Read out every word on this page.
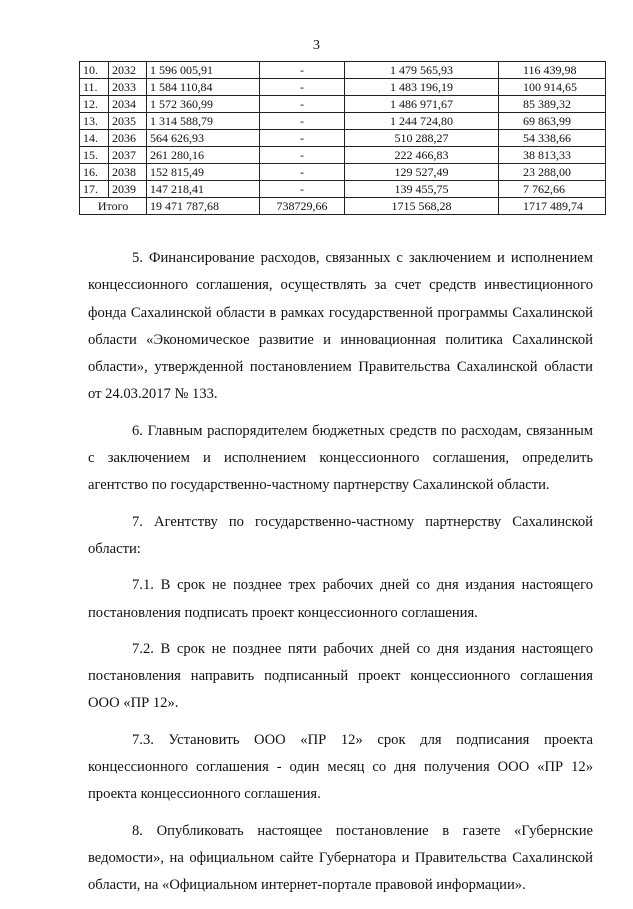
3
10.	2032	1 596 005,91	-	1 479 565,93	116 439,98
11.	2033	1 584 110,84	-	1 483 196,19	100 914,65
12.	2034	1 572 360,99	-	1 486 971,67	85 389,32
13.	2035	1 314 588,79	-	1 244 724,80	69 863,99
14.	2036	564 626,93	-	510 288,27	54 338,66
15.	2037	261 280,16	-	222 466,83	38 813,33
16.	2038	152 815,49	-	129 527,49	23 288,00
17.	2039	147 218,41	-	139 455,75	7 762,66
Итого		19 471 787,68	738729,66	1715 568,28	1717 489,74

5. Финансирование расходов, связанных с заключением и исполнением концессионного соглашения, осуществлять за счет средств инвестиционного фонда Сахалинской области в рамках государственной программы Сахалинской области «Экономическое развитие и инновационная политика Сахалинской области», утвержденной постановлением Правительства Сахалинской области от 24.03.2017 № 133.

6. Главным распорядителем бюджетных средств по расходам, связанным с заключением и исполнением концессионного соглашения, определить агентство по государственно-частному партнерству Сахалинской области.

7. Агентству по государственно-частному партнерству Сахалинской области:

7.1. В срок не позднее трех рабочих дней со дня издания настоящего постановления подписать проект концессионного соглашения.

7.2. В срок не позднее пяти рабочих дней со дня издания настоящего постановления направить подписанный проект концессионного соглашения ООО «ПР 12».

7.3. Установить ООО «ПР 12» срок для подписания проекта концессионного соглашения - один месяц со дня получения ООО «ПР 12» проекта концессионного соглашения.

8. Опубликовать настоящее постановление в газете «Губернские ведомости», на официальном сайте Губернатора и Правительства Сахалинской области, на «Официальном интернет-портале правовой информации».
